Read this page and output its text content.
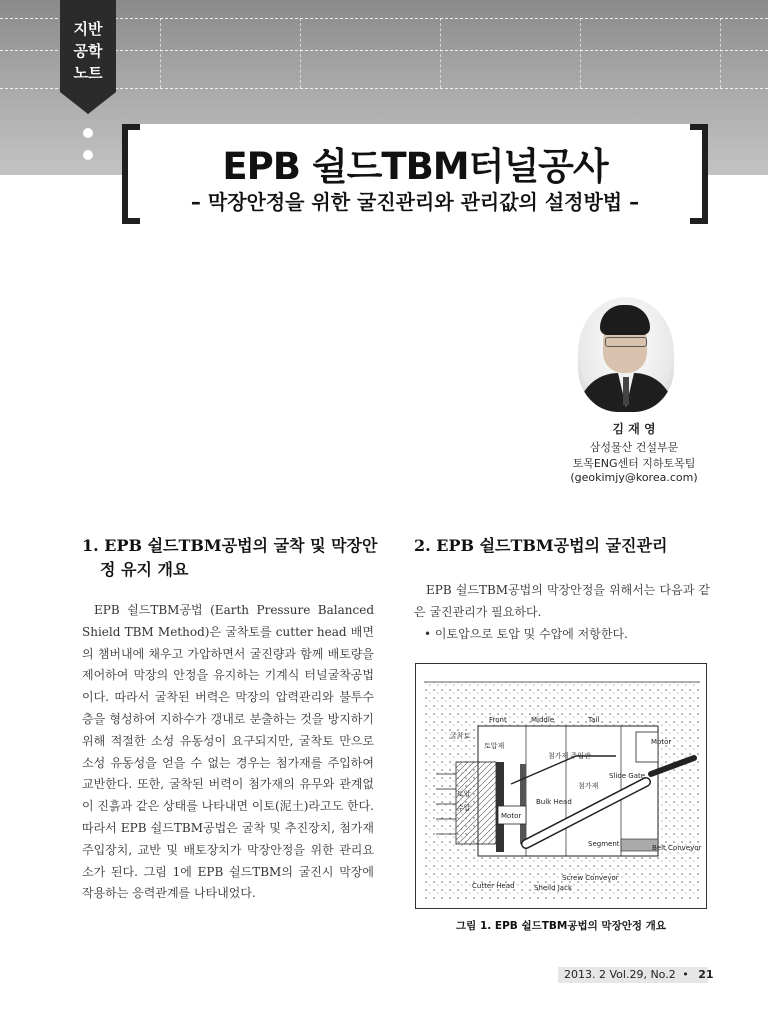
지반
공학
노트
EPB 쉴드TBM터널공사
– 막장안정을 위한 굴진관리와 관리값의 설정방법 –
김 재 영
삼성물산 건설부문
토목ENG센터 지하토목팀
(geokimjy@korea.com)
1. EPB 쉴드TBM공법의 굴착 및 막장안
정 유지 개요

EPB 쉴드TBM공법 (Earth Pressure Balanced Shield TBM Method)은 굴착토를 cutter head 배면의 챔버내에 채우고 가압하면서 굴진량과 함께 배토량을 제어하여 막장의 안정을 유지하는 기계식 터널굴착공법이다. 따라서 굴착된 버력은 막장의 압력관리와 불투수층을 형성하여 지하수가 갱내로 분출하는 것을 방지하기 위해 적절한 소성 유동성이 요구되지만, 굴착토 만으로 소성 유동성을 얻을 수 없는 경우는 첨가재를 주입하여 교반한다. 또한, 굴착된 버력이 첨가재의 유무와 관계없이 진흙과 같은 상태를 나타내면 이토(泥土)라고도 한다. 따라서 EPB 쉴드TBM공법은 굴착 및 추진장치, 첨가재 주입장치, 교반 및 배토장치가 막장안정을 위한 관리요소가 된다. 그림 1에 EPB 쉴드TBM의 굴진시 막장에 작용하는 응력관계를 나타내었다.

2. EPB 쉴드TBM공법의 굴진관리

EPB 쉴드TBM공법의 막장안정을 위해서는 다음과 같은 굴진관리가 필요하다.

• 이토압으로 토압 및 수압에 저항한다.

Front	Middle	Tail
Motor
굴착토
토압재
첨가재 주입관
첨가재
Slide Gate
토압
수압
Bulk Head
Motor
Segment	Belt Conveyor
Screw Conveyor
Cutter Head	Sheild Jack
그림 1. EPB 쉴드TBM공법의 막장안정 개요
2013. 2 Vol.29, No.2 • 21
